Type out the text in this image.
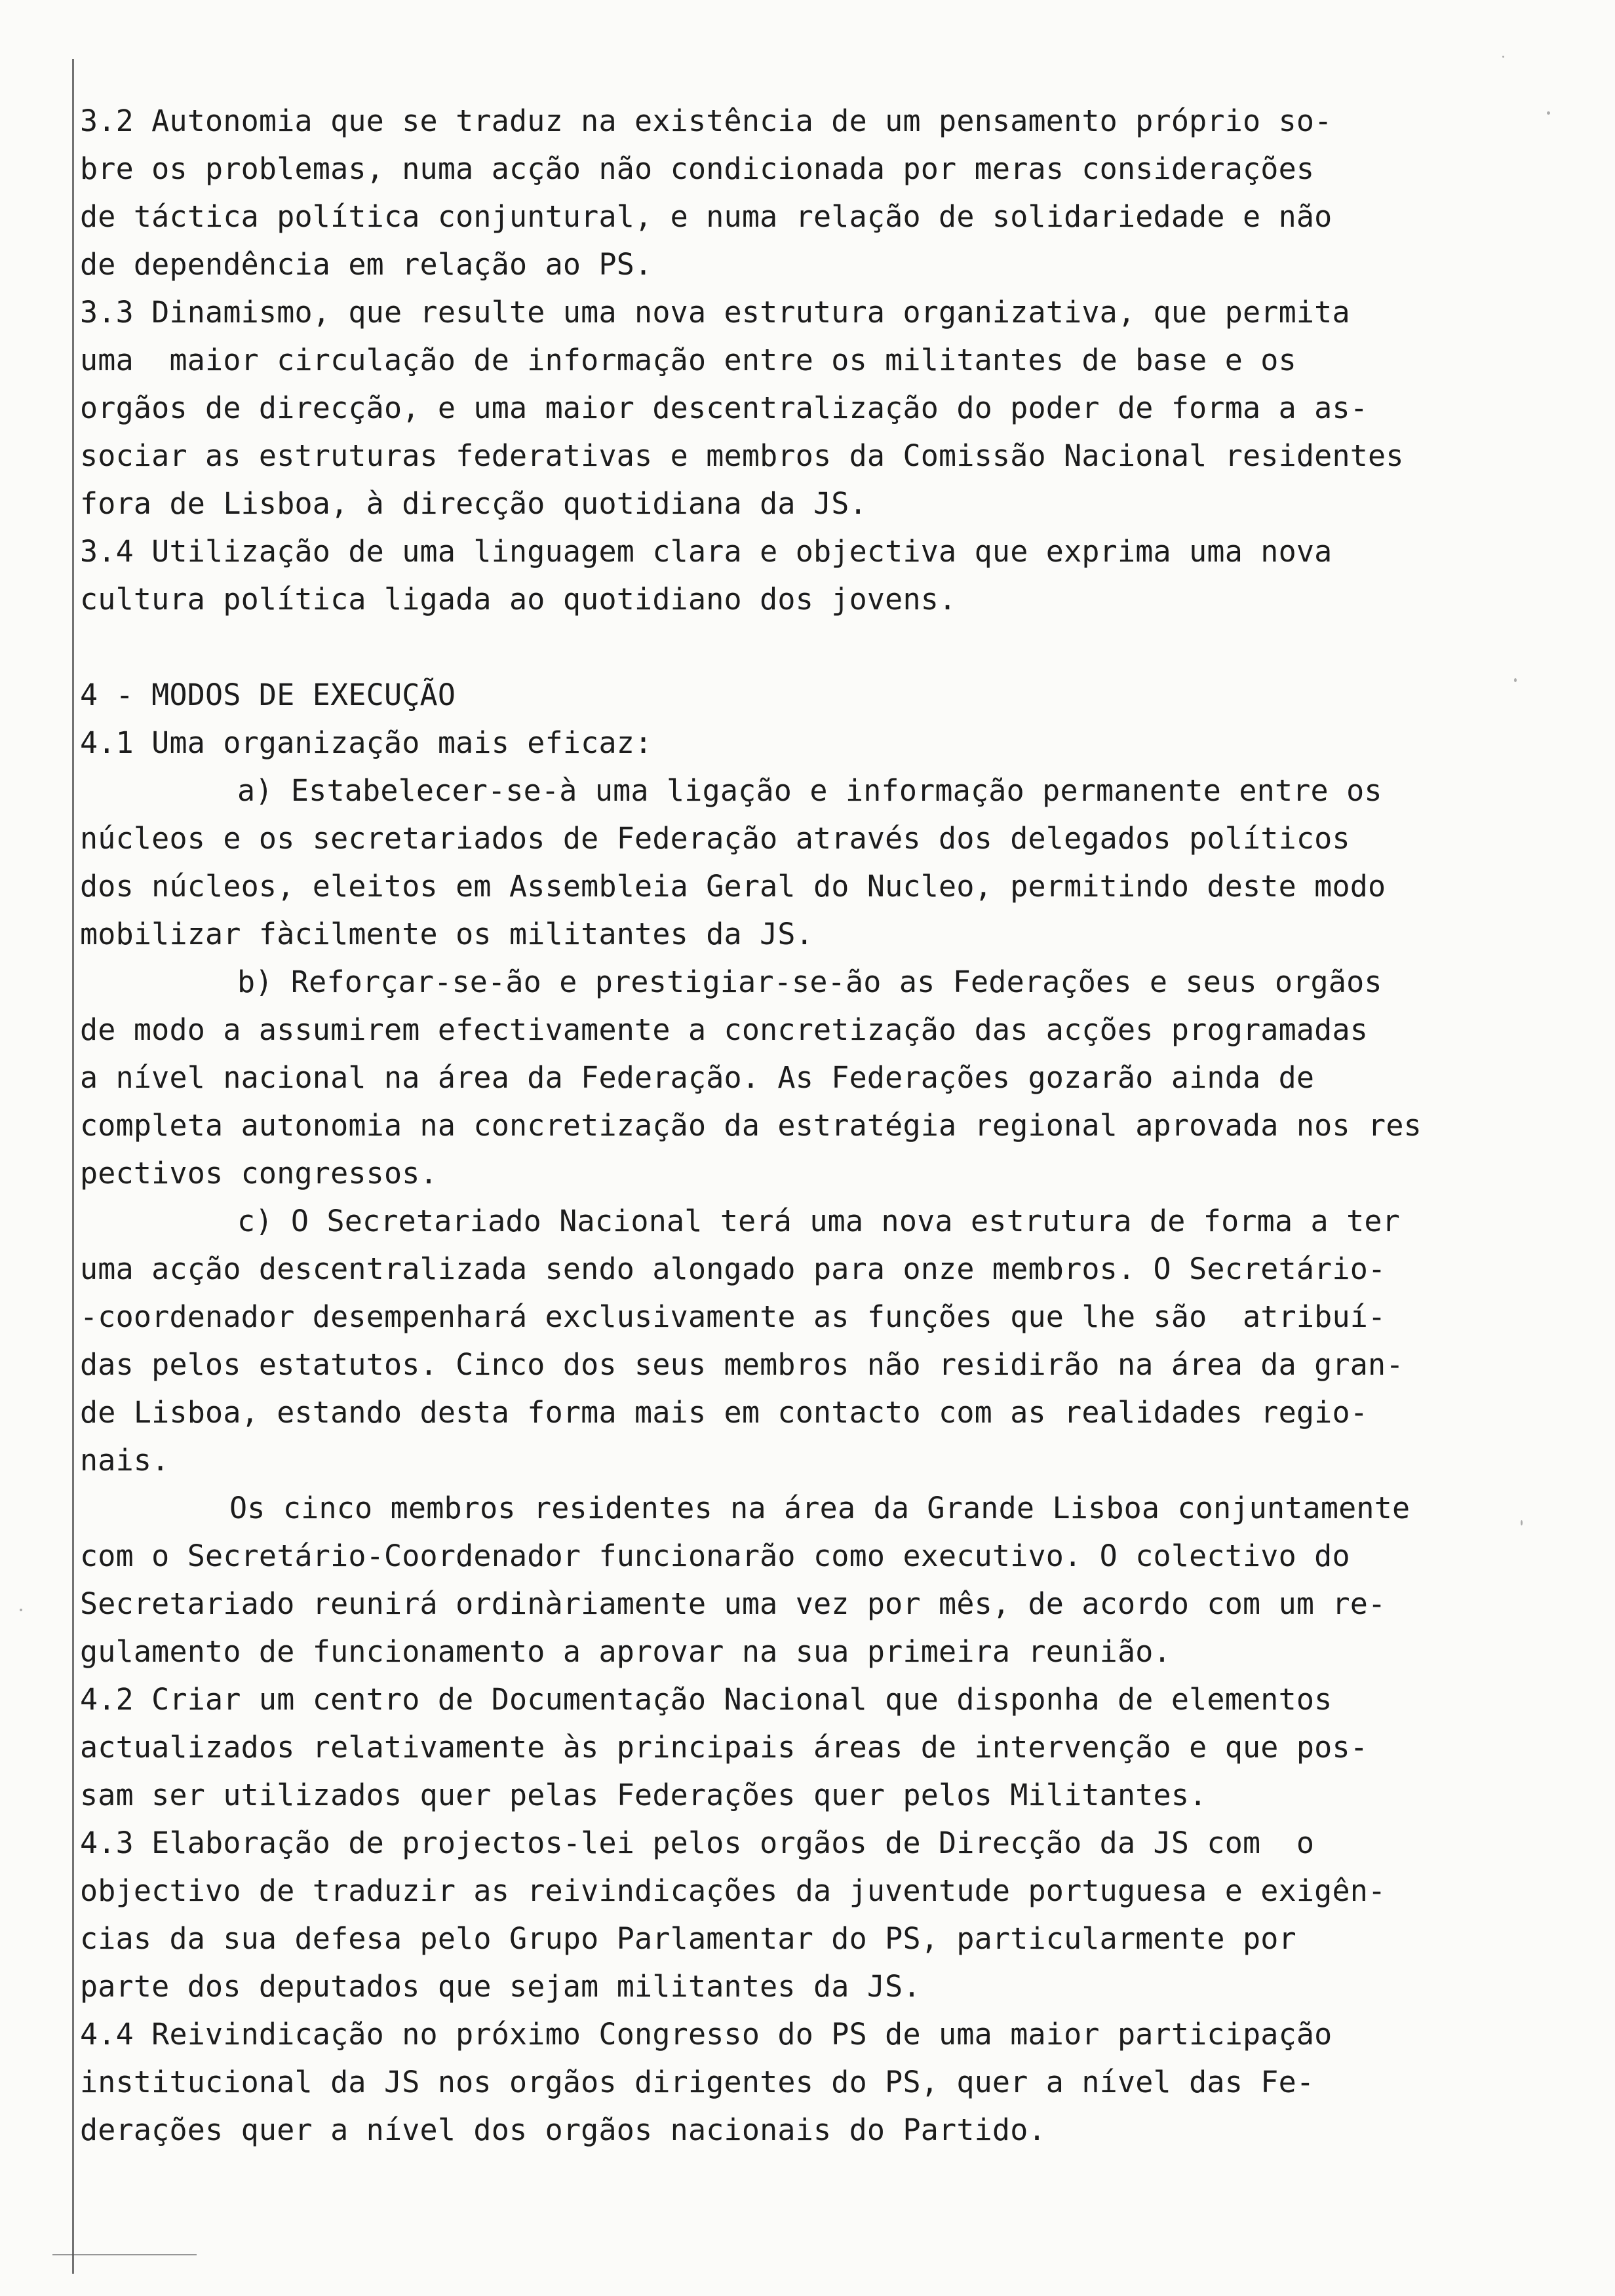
3.2 Autonomia que se traduz na existência de um pensamento próprio so-
bre os problemas, numa acção não condicionada por meras considerações
de táctica política conjuntural, e numa relação de solidariedade e não
de dependência em relação ao PS.
3.3 Dinamismo, que resulte uma nova estrutura organizativa, que permita
uma  maior circulação de informação entre os militantes de base e os
orgãos de direcção, e uma maior descentralização do poder de forma a as-
sociar as estruturas federativas e membros da Comissão Nacional residentes
fora de Lisboa, à direcção quotidiana da JS.
3.4 Utilização de uma linguagem clara e objectiva que exprima uma nova
cultura política ligada ao quotidiano dos jovens.
4 - MODOS DE EXECUÇÃO
4.1 Uma organização mais eficaz:
a) Estabelecer-se-à uma ligação e informação permanente entre os
núcleos e os secretariados de Federação através dos delegados políticos
dos núcleos, eleitos em Assembleia Geral do Nucleo, permitindo deste modo
mobilizar fàcilmente os militantes da JS.
b) Reforçar-se-ão e prestigiar-se-ão as Federações e seus orgãos
de modo a assumirem efectivamente a concretização das acções programadas
a nível nacional na área da Federação. As Federações gozarão ainda de
completa autonomia na concretização da estratégia regional aprovada nos res
pectivos congressos.
c) O Secretariado Nacional terá uma nova estrutura de forma a ter
uma acção descentralizada sendo alongado para onze membros. O Secretário-
-coordenador desempenhará exclusivamente as funções que lhe são  atribuí-
das pelos estatutos. Cinco dos seus membros não residirão na área da gran-
de Lisboa, estando desta forma mais em contacto com as realidades regio-
nais.
Os cinco membros residentes na área da Grande Lisboa conjuntamente
com o Secretário-Coordenador funcionarão como executivo. O colectivo do
Secretariado reunirá ordinàriamente uma vez por mês, de acordo com um re-
gulamento de funcionamento a aprovar na sua primeira reunião.
4.2 Criar um centro de Documentação Nacional que disponha de elementos
actualizados relativamente às principais áreas de intervenção e que pos-
sam ser utilizados quer pelas Federações quer pelos Militantes.
4.3 Elaboração de projectos-lei pelos orgãos de Direcção da JS com  o
objectivo de traduzir as reivindicações da juventude portuguesa e exigên-
cias da sua defesa pelo Grupo Parlamentar do PS, particularmente por
parte dos deputados que sejam militantes da JS.
4.4 Reivindicação no próximo Congresso do PS de uma maior participação
institucional da JS nos orgãos dirigentes do PS, quer a nível das Fe-
derações quer a nível dos orgãos nacionais do Partido.
